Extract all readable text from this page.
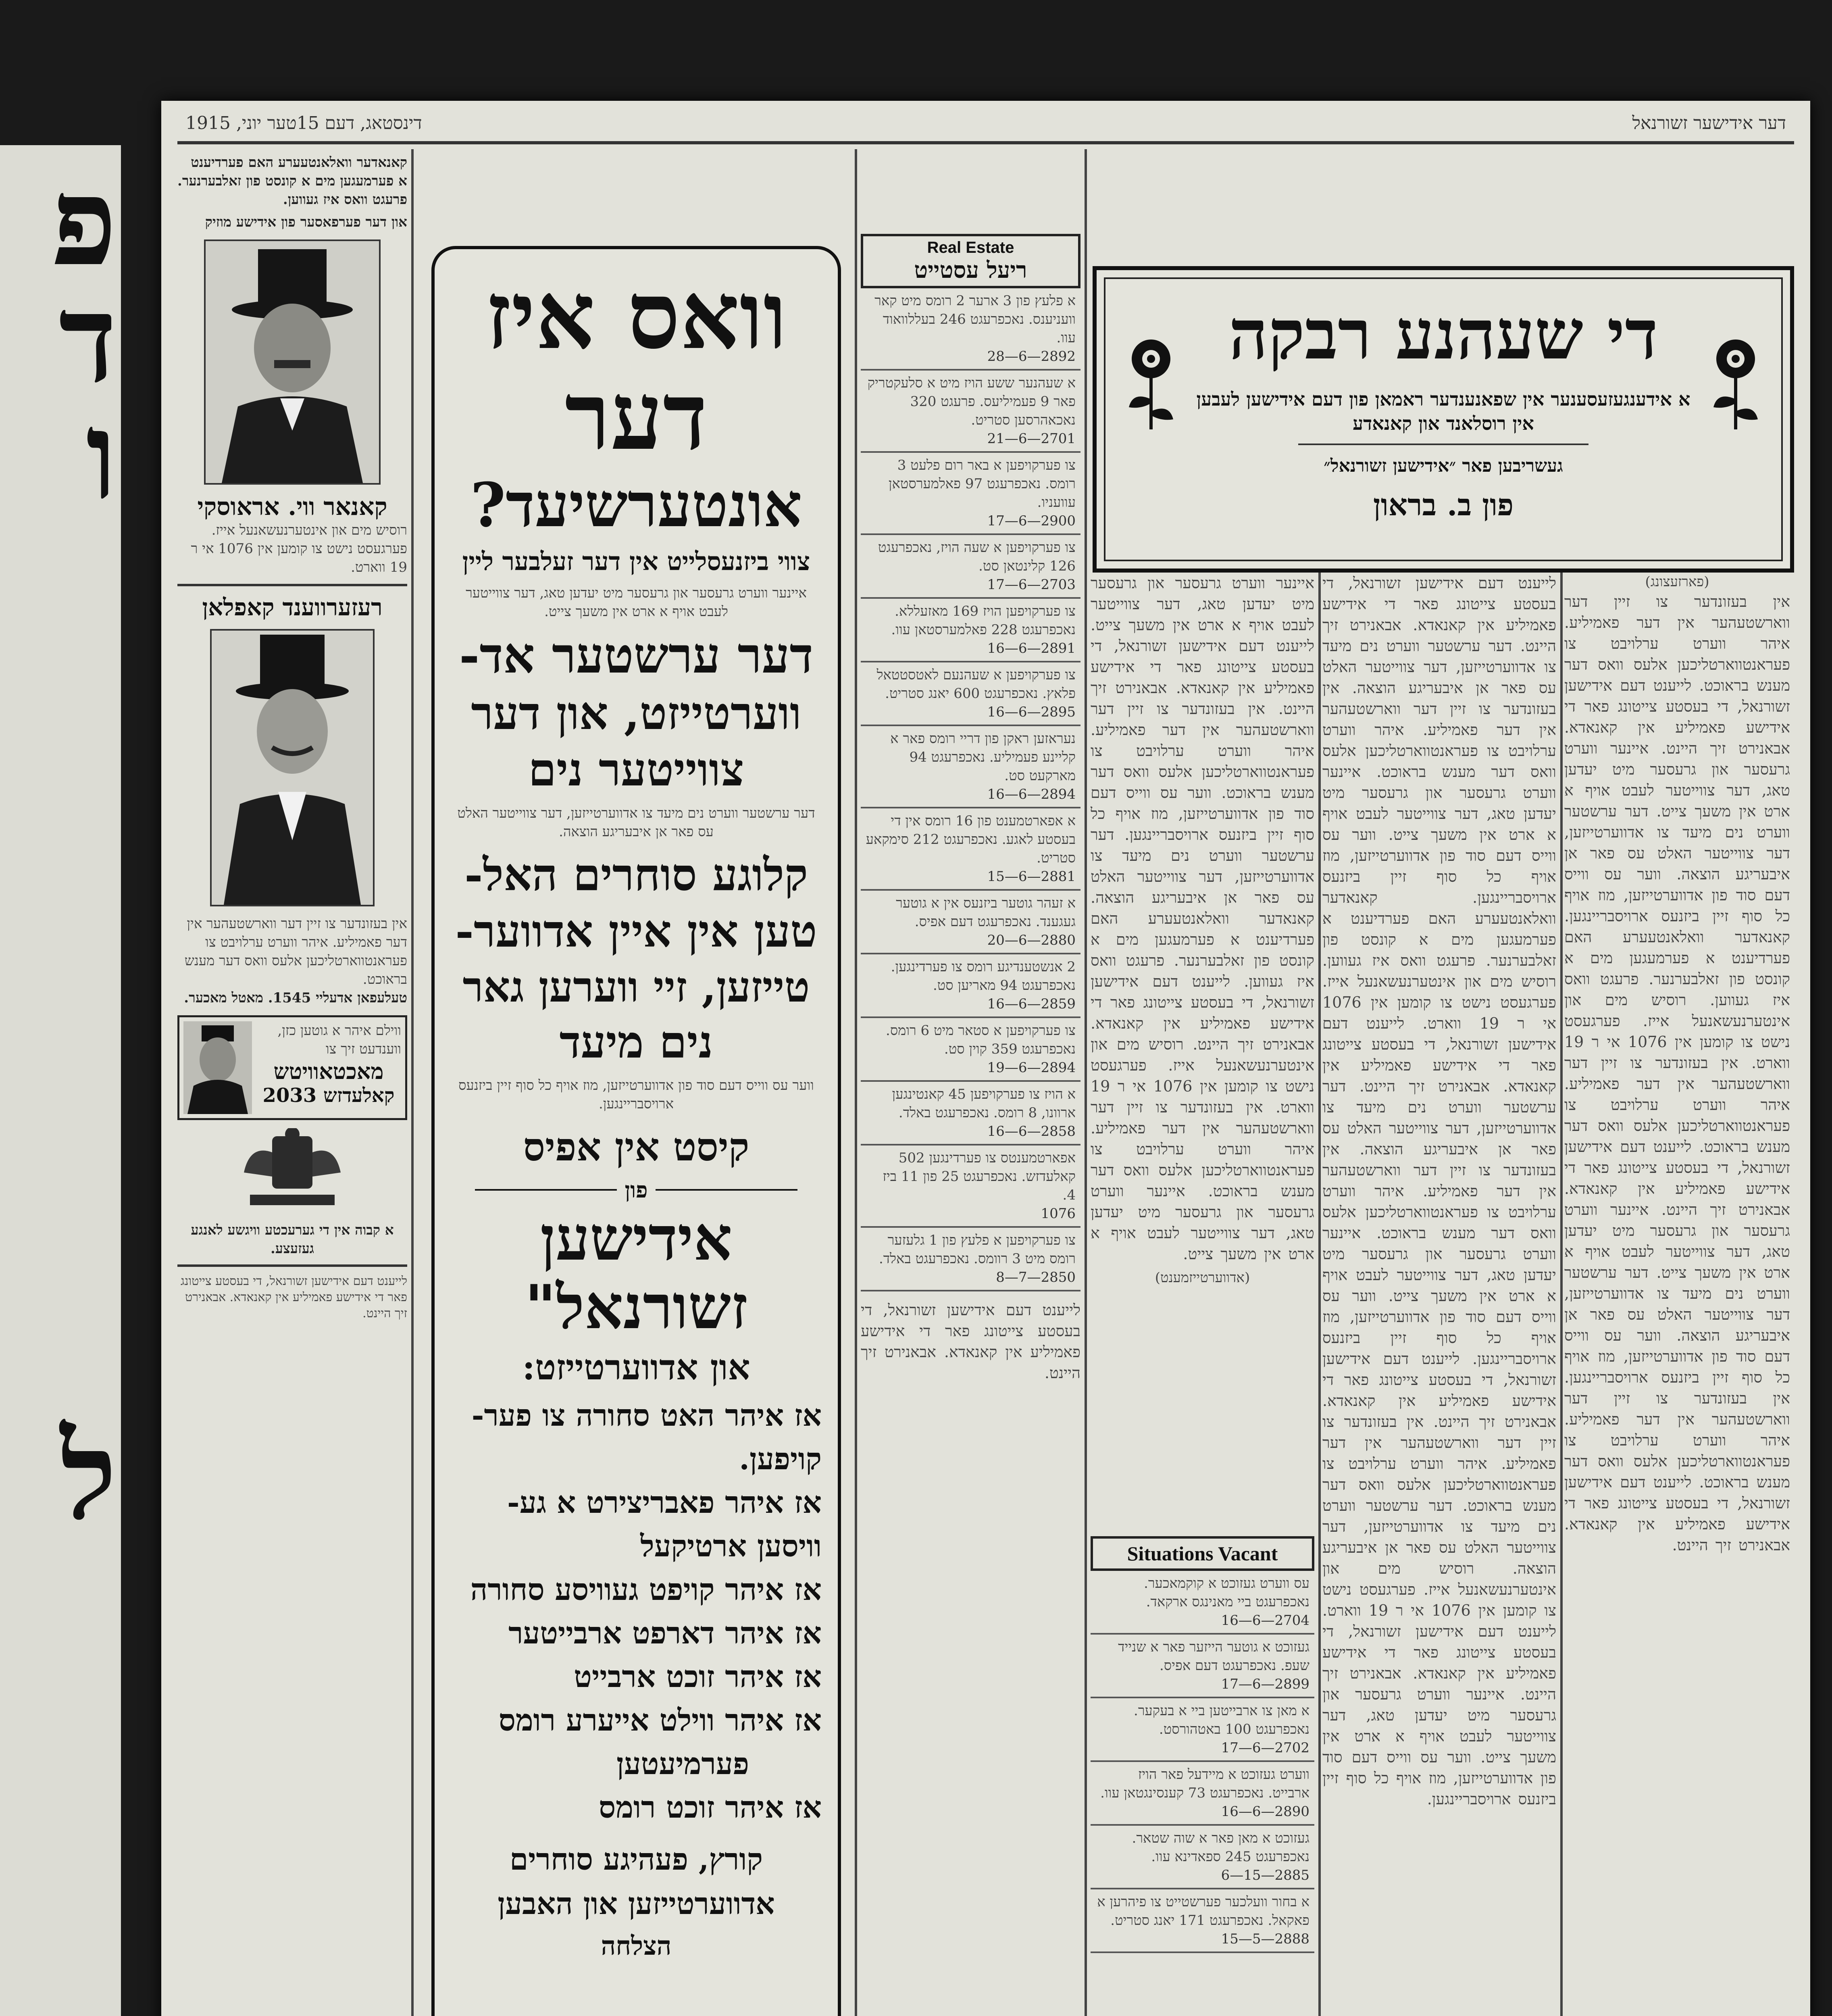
פ
ד
ו
ל
דינסטאג, דעם 15טער יוני, 1915	דער אידישער זשורנאל
קאנאדער וואלאנטעערע האם פערדיענט א פערמעגען מים א קונסט פון זאלבערנער. פרעגט וואס איז געווען.
און דער פערפאסער פון אידישע מוזיק
קאנאר ווי. אראוסקי
רוסיש מים און אינטערנעשאנעל אייז. פערגעסט נישט צו קומען אין 1076 אי ר 19 ווארט.
רעזערווענד קאפלאן
אין בעזונדער צו זיין דער ווארשטעהער אין דער פאמיליע. איהר ווערט ערלויבט צו פעראנטווארטליכען אלעס וואס דער מענש בראוכט.
טעלעפאן אדעליי 1545. מאטל מאכער.
ווילם איהר א גוטען כזן, ווענדעט זיך צו
מאכטאוויטש
קאלעדזש 2033
א קבוה אין די גערעכטע וויגשע לאנגע געזעצע.
לייענט דעם אידישען זשורנאל, די בעסטע צייטונג פאר די אידישע פאמיליע אין קאנאדא. אבאנירט זיך היינט.
וואס איז
דער
אונטערשיעד?
צווי ביזנעסלייט אין דער זעלבער ליין
איינער ווערט גרעסער און גרעסער מיט יעדען טאג, דער צווייטער לעבט אויף א ארט אין משעך צייט.
דער ערשטער אד-
ווערטייזט, און דער
צווייטער נים
דער ערשטער ווערט נים מיעד צו אדווערטייזען, דער צווייטער האלט עס פאר אן איבעריגע הוצאה.
קלוגע סוחרים האל-
טען אין איין אדווער-
טייזען, זיי ווערען גאר
נים מיעד
ווער עס ווייס דעם סוד פון אדווערטייזען, מוז אויף כל סוף זיין ביזנעס ארויסבריינגען.
קיסט אין אפיס
פון
אידישען
זשורנאל"
און אדווערטייזט:
אז איהר האט סחורה צו פער-
קויפען.
אז איהר פאבריצירט א גע-
וויסען ארטיקעל
אז איהר קויפט געוויסע סחורה
אז איהר דארפט ארבייטער
אז איהר זוכט ארבייט
אז איהר ווילט אייערע רומס
פערמיעטען
אז איהר זוכט רומס
קורץ, פעהיגע סוחרים
אדווערטייזען און האבען
הצלחה
Real Estate
ריעל עסטייט
א פלעץ פון 3 ארער 2 רומס מיט קאר וועניענס. נאכפרעגט 246 בעללוואוד עוו.
2892—6—28
א שעהנער ששע הויז מיט א סלעקטריק פאר 9 פעמיליעס. פרעגט 320 נאכאהרסען סטריט.
2701—6—21
צו פערקויפען א באר רום פלעט 3 רומס. נאכפרעגט 97 פאלמערסטאן עוועניו.
2900—6—17
צו פערקויפען א שעה הויז, נאכפרעגט 126 קלינטאן סט.
2703—6—17
צו פערקויפען הויז 169 מאזעללא. נאכפרעגט 228 פאלמערסטאן עוו.
2891—6—16
צו פערקויפען א שעהנעם לאטסטטאל פלאץ. נאכפרעגט 600 יאנג סטריט.
2895—6—16
נעראזען ראקן פון דריי רומס פאר א קליינע פעמיליע. נאכפרעגט 94 מארקעט סט.
2894—6—16
א אפארטמענט פון 16 רומס אין די בעסטע לאגע. נאכפרעגט 212 סימקאע סטריט.
2881—6—15
א זעהר גוטער ביזנעס אין א גוטער געגענד. נאכפרעגט דעם אפיס.
2880—6—20
2 אנשטענדיגע רומס צו פערדינגען. נאכפרעגט 94 מאריען סט.
2859—6—16
צו פערקויפען א סטאר מיט 6 רומס. נאכפרעגט 359 קוין סט.
2894—6—19
א הויז צו פערקויפען 45 קאנטינגען ארוונו, 8 רומס. נאכפרעגט באלד.
2858—6—16
אפארטמענטס צו פערדינגען 502 קאלעדזש. נאכפרעגט 25 פון 11 ביז 4.
1076
צו פערקויפען א פלעץ פון 1 גלעזער רומס מיט 3 רוומס. נאכפרעגט באלד.
2850—7—8
לייענט דעם אידישען זשורנאל, די בעסטע צייטונג פאר די אידישע פאמיליע אין קאנאדא. אבאנירט זיך היינט.
די שעהנע רבקה
א אידענגעזעסענער אין שפאנענדער ראמאן פון דעם אידישען לעבען אין רוסלאנד און קאנאדע
געשריבען פאר ״אידישען זשורנאל״
פון ב. בראון
(פארזעצונג)
אין בעזונדער צו זיין דער ווארשטעהער אין דער פאמיליע. איהר ווערט ערלויבט צו פעראנטווארטליכען אלעס וואס דער מענש בראוכט. לייענט דעם אידישען זשורנאל, די בעסטע צייטונג פאר די אידישע פאמיליע אין קאנאדא. אבאנירט זיך היינט. איינער ווערט גרעסער און גרעסער מיט יעדען טאג, דער צווייטער לעבט אויף א ארט אין משעך צייט. דער ערשטער ווערט נים מיעד צו אדווערטייזען, דער צווייטער האלט עס פאר אן איבעריגע הוצאה. ווער עס ווייס דעם סוד פון אדווערטייזען, מוז אויף כל סוף זיין ביזנעס ארויסבריינגען. קאנאדער וואלאנטעערע האם פערדיענט א פערמעגען מים א קונסט פון זאלבערנער. פרעגט וואס איז געווען. רוסיש מים און אינטערנעשאנעל אייז. פערגעסט נישט צו קומען אין 1076 אי ר 19 ווארט. אין בעזונדער צו זיין דער ווארשטעהער אין דער פאמיליע. איהר ווערט ערלויבט צו פעראנטווארטליכען אלעס וואס דער מענש בראוכט. לייענט דעם אידישען זשורנאל, די בעסטע צייטונג פאר די אידישע פאמיליע אין קאנאדא. אבאנירט זיך היינט. איינער ווערט גרעסער און גרעסער מיט יעדען טאג, דער צווייטער לעבט אויף א ארט אין משעך צייט. דער ערשטער ווערט נים מיעד צו אדווערטייזען, דער צווייטער האלט עס פאר אן איבעריגע הוצאה. ווער עס ווייס דעם סוד פון אדווערטייזען, מוז אויף כל סוף זיין ביזנעס ארויסבריינגען. אין בעזונדער צו זיין דער ווארשטעהער אין דער פאמיליע. איהר ווערט ערלויבט צו פעראנטווארטליכען אלעס וואס דער מענש בראוכט. לייענט דעם אידישען זשורנאל, די בעסטע צייטונג פאר די אידישע פאמיליע אין קאנאדא. אבאנירט זיך היינט.
לייענט דעם אידישען זשורנאל, די בעסטע צייטונג פאר די אידישע פאמיליע אין קאנאדא. אבאנירט זיך היינט. דער ערשטער ווערט נים מיעד צו אדווערטייזען, דער צווייטער האלט עס פאר אן איבעריגע הוצאה. אין בעזונדער צו זיין דער ווארשטעהער אין דער פאמיליע. איהר ווערט ערלויבט צו פעראנטווארטליכען אלעס וואס דער מענש בראוכט. איינער ווערט גרעסער און גרעסער מיט יעדען טאג, דער צווייטער לעבט אויף א ארט אין משעך צייט. ווער עס ווייס דעם סוד פון אדווערטייזען, מוז אויף כל סוף זיין ביזנעס ארויסבריינגען. קאנאדער וואלאנטעערע האם פערדיענט א פערמעגען מים א קונסט פון זאלבערנער. פרעגט וואס איז געווען. רוסיש מים און אינטערנעשאנעל אייז. פערגעסט נישט צו קומען אין 1076 אי ר 19 ווארט. לייענט דעם אידישען זשורנאל, די בעסטע צייטונג פאר די אידישע פאמיליע אין קאנאדא. אבאנירט זיך היינט. דער ערשטער ווערט נים מיעד צו אדווערטייזען, דער צווייטער האלט עס פאר אן איבעריגע הוצאה. אין בעזונדער צו זיין דער ווארשטעהער אין דער פאמיליע. איהר ווערט ערלויבט צו פעראנטווארטליכען אלעס וואס דער מענש בראוכט. איינער ווערט גרעסער און גרעסער מיט יעדען טאג, דער צווייטער לעבט אויף א ארט אין משעך צייט. ווער עס ווייס דעם סוד פון אדווערטייזען, מוז אויף כל סוף זיין ביזנעס ארויסבריינגען. לייענט דעם אידישען זשורנאל, די בעסטע צייטונג פאר די אידישע פאמיליע אין קאנאדא. אבאנירט זיך היינט. אין בעזונדער צו זיין דער ווארשטעהער אין דער פאמיליע. איהר ווערט ערלויבט צו פעראנטווארטליכען אלעס וואס דער מענש בראוכט. דער ערשטער ווערט נים מיעד צו אדווערטייזען, דער צווייטער האלט עס פאר אן איבעריגע הוצאה. רוסיש מים און אינטערנעשאנעל אייז. פערגעסט נישט צו קומען אין 1076 אי ר 19 ווארט. לייענט דעם אידישען זשורנאל, די בעסטע צייטונג פאר די אידישע פאמיליע אין קאנאדא. אבאנירט זיך היינט. איינער ווערט גרעסער און גרעסער מיט יעדען טאג, דער צווייטער לעבט אויף א ארט אין משעך צייט. ווער עס ווייס דעם סוד פון אדווערטייזען, מוז אויף כל סוף זיין ביזנעס ארויסבריינגען.
איינער ווערט גרעסער און גרעסער מיט יעדען טאג, דער צווייטער לעבט אויף א ארט אין משעך צייט. לייענט דעם אידישען זשורנאל, די בעסטע צייטונג פאר די אידישע פאמיליע אין קאנאדא. אבאנירט זיך היינט. אין בעזונדער צו זיין דער ווארשטעהער אין דער פאמיליע. איהר ווערט ערלויבט צו פעראנטווארטליכען אלעס וואס דער מענש בראוכט. ווער עס ווייס דעם סוד פון אדווערטייזען, מוז אויף כל סוף זיין ביזנעס ארויסבריינגען. דער ערשטער ווערט נים מיעד צו אדווערטייזען, דער צווייטער האלט עס פאר אן איבעריגע הוצאה. קאנאדער וואלאנטעערע האם פערדיענט א פערמעגען מים א קונסט פון זאלבערנער. פרעגט וואס איז געווען. לייענט דעם אידישען זשורנאל, די בעסטע צייטונג פאר די אידישע פאמיליע אין קאנאדא. אבאנירט זיך היינט. רוסיש מים און אינטערנעשאנעל אייז. פערגעסט נישט צו קומען אין 1076 אי ר 19 ווארט. אין בעזונדער צו זיין דער ווארשטעהער אין דער פאמיליע. איהר ווערט ערלויבט צו פעראנטווארטליכען אלעס וואס דער מענש בראוכט. איינער ווערט גרעסער און גרעסער מיט יעדען טאג, דער צווייטער לעבט אויף א ארט אין משעך צייט.
(אדווערטייזמענט)
Situations Vacant
עס ווערט געזוכט א קוקמאכער. נאכפרעגט ביי מאנינגס ארקאד.
2704—6—16
געזוכט א גוטער הייזער פאר א שנייד שעפ. נאכפרעגט דעם אפיס.
2899—6—17
א מאן צו ארבייטען ביי א בעקער. נאכפרעגט 100 באטהורסט.
2702—6—17
ווערט געזוכט א מיידעל פאר הויז ארבייט. נאכפרעגט 73 קענסינגטאן עוו.
2890—6—16
געזוכט א מאן פאר א שוה שטאר. נאכפרעגט 245 ספאדינא עוו.
2885—15—6
א בחור וועלכער פערשטייט צו פיהרען א פאקאל. נאכפרעגט 171 יאנג סטריט.
2888—5—15
